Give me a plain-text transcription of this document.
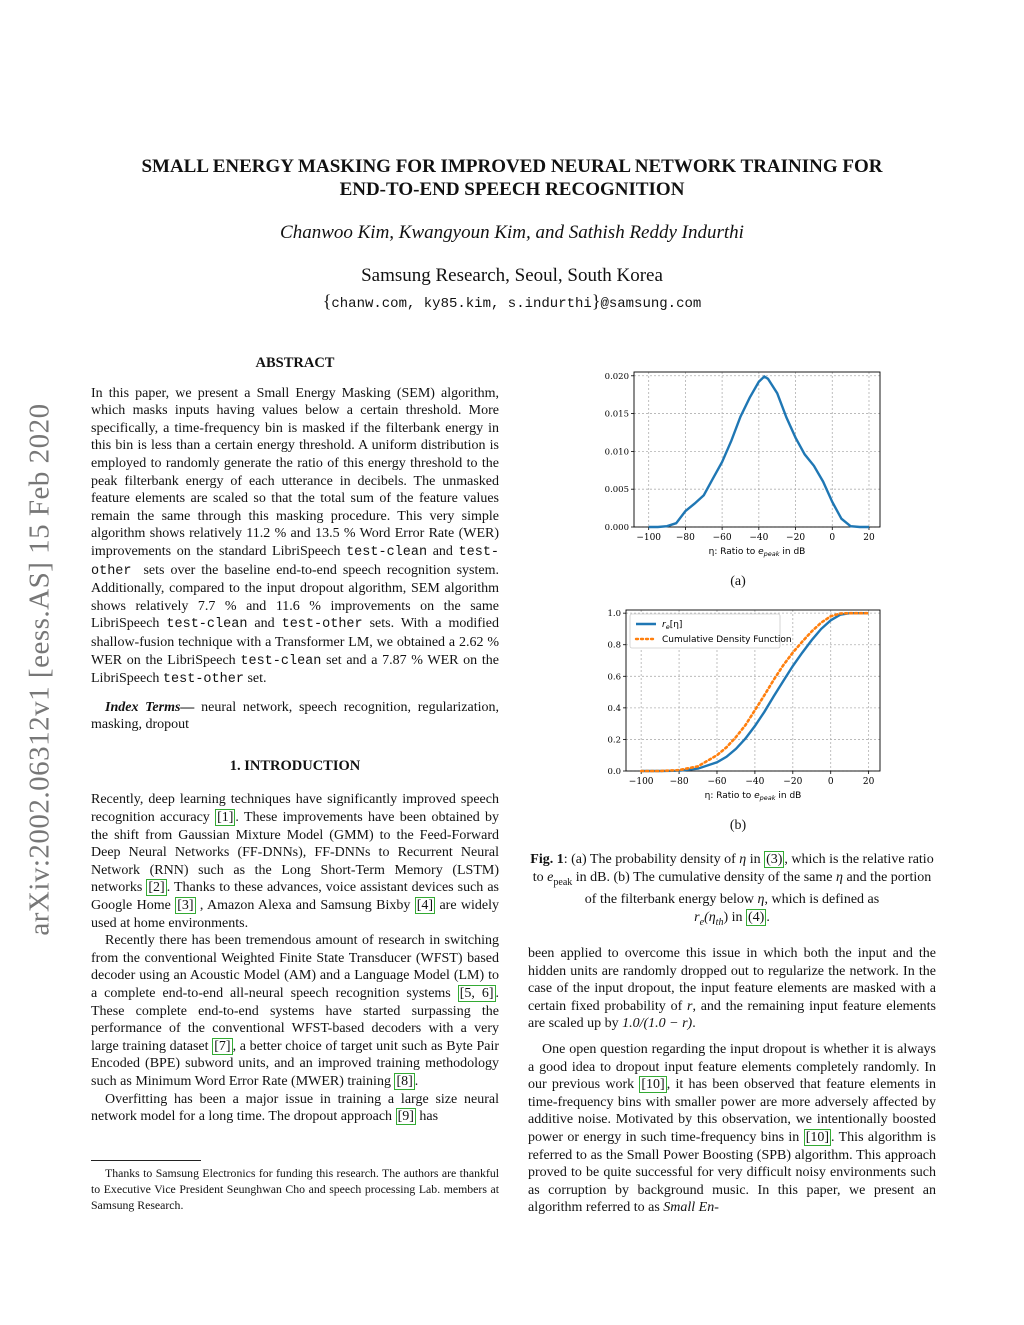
SMALL ENERGY MASKING FOR IMPROVED NEURAL NETWORK TRAINING FOR
END-TO-END SPEECH RECOGNITION
Chanwoo Kim, Kwangyoun Kim, and Sathish Reddy Indurthi
Samsung Research, Seoul, South Korea
{chanw.com, ky85.kim, s.indurthi}@samsung.com
arXiv:2002.06312v1 [eess.AS] 15 Feb 2020
ABSTRACT

In this paper, we present a Small Energy Masking (SEM) algorithm, which masks inputs having values below a certain threshold. More specifically, a time-frequency bin is masked if the filterbank energy in this bin is less than a certain energy threshold. A uniform distribution is employed to randomly generate the ratio of this energy threshold to the peak filterbank energy of each utterance in decibels. The unmasked feature elements are scaled so that the total sum of the feature values remain the same through this masking procedure. This very simple algorithm shows relatively 11.2 % and 13.5 % Word Error Rate (WER) improvements on the standard LibriSpeech test-clean and test-other sets over the baseline end-to-end speech recognition system. Additionally, compared to the input dropout algorithm, SEM algorithm shows relatively 7.7 % and 11.6 % improvements on the same LibriSpeech test-clean and test-other sets. With a modified shallow-fusion technique with a Transformer LM, we obtained a 2.62 % WER on the LibriSpeech test-clean set and a 7.87 % WER on the LibriSpeech test-other set.

Index Terms— neural network, speech recognition, regularization, masking, dropout

1. INTRODUCTION

Recently, deep learning techniques have significantly improved speech recognition accuracy [1] . These improvements have been obtained by the shift from Gaussian Mixture Model (GMM) to the Feed-Forward Deep Neural Networks (FF-DNNs), FF-DNNs to Recurrent Neural Network (RNN) such as the Long Short-Term Memory (LSTM) networks [2] . Thanks to these advances, voice assistant devices such as Google Home [3] , Amazon Alexa and Samsung Bixby [4] are widely used at home environments.

Recently there has been tremendous amount of research in switching from the conventional Weighted Finite State Transducer (WFST) based decoder using an Acoustic Model (AM) and a Language Model (LM) to a complete end-to-end all-neural speech recognition systems [5, 6] . These complete end-to-end systems have started surpassing the performance of the conventional WFST-based decoders with a very large training dataset [7] , a better choice of target unit such as Byte Pair Encoded (BPE) subword units, and an improved training methodology such as Minimum Word Error Rate (MWER) training [8] .

Overfitting has been a major issue in training a large size neural network model for a long time. The dropout approach [9] has

Thanks to Samsung Electronics for funding this research. The authors are thankful to Executive Vice President Seunghwan Cho and speech processing Lab. members at Samsung Research.
−100 −80 −60 −40 −20	0	20
0.000
0.005
0.010
0.015
0.020
η: Ratio to $e_{peak}$ in dB
(a)
−100 −80 −60 −40 −20	0	20
0.0
0.2
0.4
0.6
0.8
1.0
η: Ratio to $e_{peak}$ in dB
$r_e[\eta]$
Cumulative Density Function
(b)
Fig. 1: (a) The probability density of η in (3) , which is the relative ratio to $e_{peak}$ in dB. (b) The cumulative density of the same η and the portion of the filterbank energy below η, which is defined as
$r_e(\eta_{th})$ in (4) .

been applied to overcome this issue in which both the input and the hidden units are randomly dropped out to regularize the network. In the case of the input dropout, the input feature elements are masked with a certain fixed probability of r, and the remaining input feature elements are scaled up by 1.0/(1.0 − r).

One open question regarding the input dropout is whether it is always a good idea to dropout input feature elements completely randomly. In our previous work [10] , it has been observed that feature elements in time-frequency bins with smaller power are more adversely affected by additive noise. Motivated by this observation, we intentionally boosted power or energy in such time-frequency bins in [10] . This algorithm is referred to as the Small Power Boosting (SPB) algorithm. This approach proved to be quite successful for very difficult noisy environments such as corruption by background music. In this paper, we present an algorithm referred to as Small En-
